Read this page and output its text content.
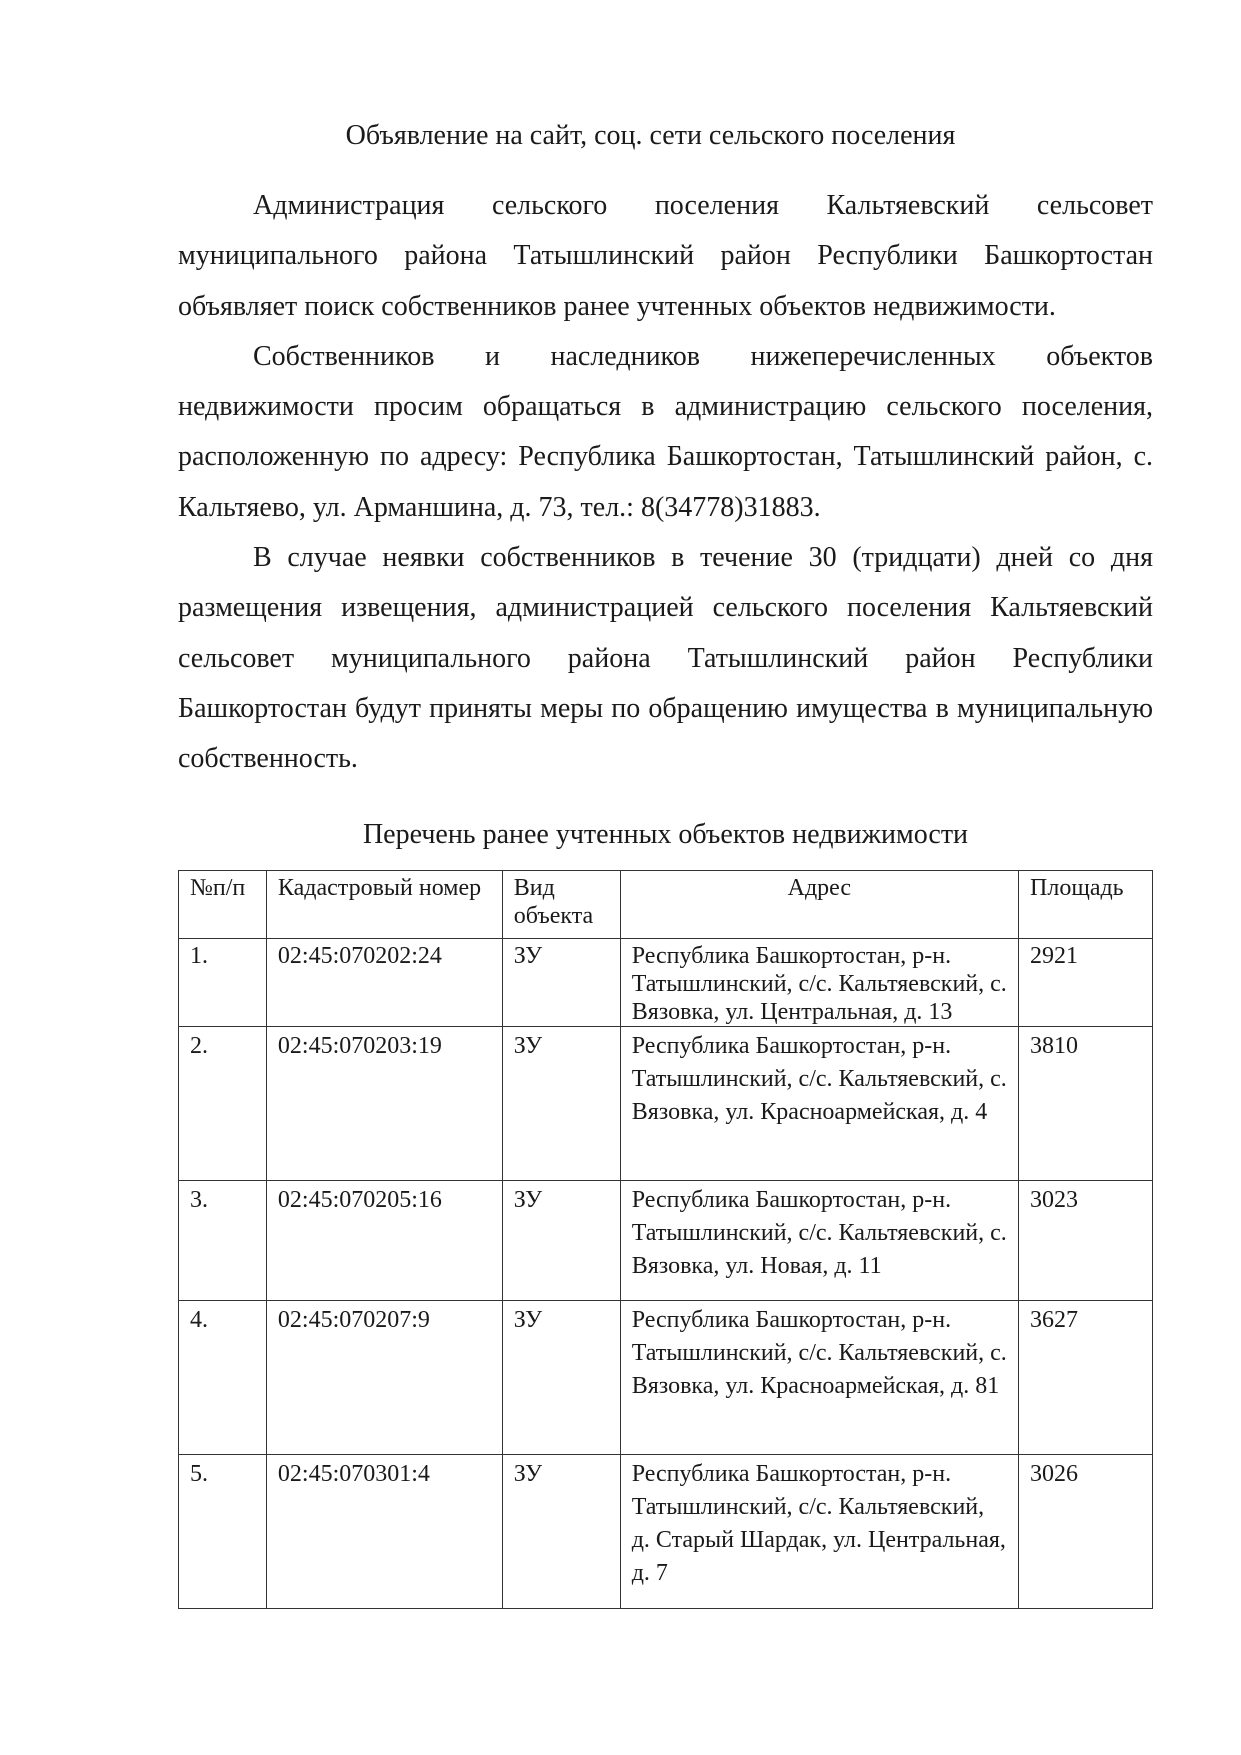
Объявление на сайт, соц. сети сельского поселения

Администрация сельского поселения Кальтяевский сельсовет муниципального района Татышлинский район Республики Башкортостан объявляет поиск собственников ранее учтенных объектов недвижимости.

Собственников и наследников нижеперечисленных объектов недвижимости просим обращаться в администрацию сельского поселения, расположенную по адресу: Республика Башкортостан, Татышлинский район, с. Кальтяево, ул. Арманшина, д. 73, тел.: 8(34778)31883.

В случае неявки собственников в течение 30 (тридцати) дней со дня размещения извещения, администрацией сельского поселения Кальтяевский сельсовет муниципального района Татышлинский район Республики Башкортостан будут приняты меры по обращению имущества в муниципальную собственность.

Перечень ранее учтенных объектов недвижимости
№п/п	Кадастровый номер	Вид объекта	Адрес	Площадь
1.	02:45:070202:24	ЗУ	Республика Башкортостан, р-н. Татышлинский, с/с. Кальтяевский, с. Вязовка, ул. Центральная, д. 13	2921
2.	02:45:070203:19	ЗУ	Республика Башкортостан, р-н. Татышлинский, с/с. Кальтяевский, с. Вязовка, ул. Красноармейская, д. 4	3810
3.	02:45:070205:16	ЗУ	Республика Башкортостан, р-н. Татышлинский, с/с. Кальтяевский, с. Вязовка, ул. Новая, д. 11	3023
4.	02:45:070207:9	ЗУ	Республика Башкортостан, р-н. Татышлинский, с/с. Кальтяевский, с. Вязовка, ул. Красноармейская, д. 81	3627
5.	02:45:070301:4	ЗУ	Республика Башкортостан, р-н. Татышлинский, с/с. Кальтяевский, д. Старый Шардак, ул. Центральная, д. 7	3026
